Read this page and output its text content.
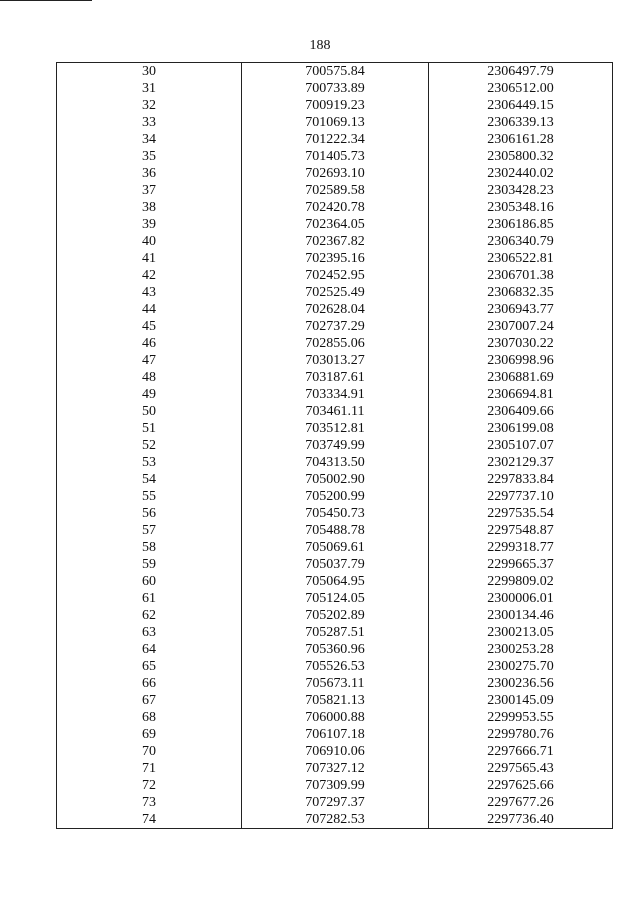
188
30	700575.84	2306497.79
31	700733.89	2306512.00
32	700919.23	2306449.15
33	701069.13	2306339.13
34	701222.34	2306161.28
35	701405.73	2305800.32
36	702693.10	2302440.02
37	702589.58	2303428.23
38	702420.78	2305348.16
39	702364.05	2306186.85
40	702367.82	2306340.79
41	702395.16	2306522.81
42	702452.95	2306701.38
43	702525.49	2306832.35
44	702628.04	2306943.77
45	702737.29	2307007.24
46	702855.06	2307030.22
47	703013.27	2306998.96
48	703187.61	2306881.69
49	703334.91	2306694.81
50	703461.11	2306409.66
51	703512.81	2306199.08
52	703749.99	2305107.07
53	704313.50	2302129.37
54	705002.90	2297833.84
55	705200.99	2297737.10
56	705450.73	2297535.54
57	705488.78	2297548.87
58	705069.61	2299318.77
59	705037.79	2299665.37
60	705064.95	2299809.02
61	705124.05	2300006.01
62	705202.89	2300134.46
63	705287.51	2300213.05
64	705360.96	2300253.28
65	705526.53	2300275.70
66	705673.11	2300236.56
67	705821.13	2300145.09
68	706000.88	2299953.55
69	706107.18	2299780.76
70	706910.06	2297666.71
71	707327.12	2297565.43
72	707309.99	2297625.66
73	707297.37	2297677.26
74	707282.53	2297736.40
